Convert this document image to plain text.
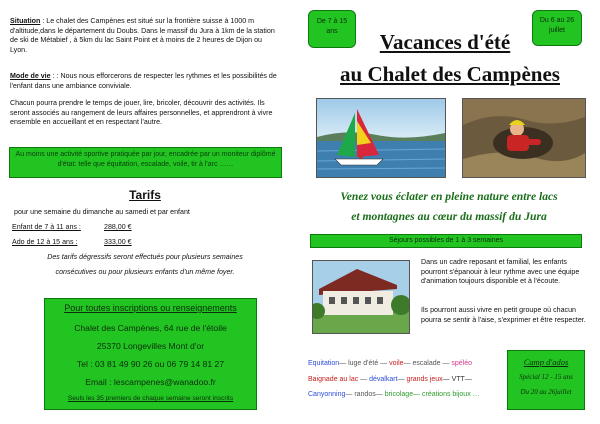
Situation : Le chalet des Campènes est situé sur la frontière suisse à 1000 m d'altitude,dans le département du Doubs. Dans le massif du Jura à 1km de la station de ski de Métabief , à 5km du lac Saint Point et à moins de 2 heures de Dijon ou Lyon.
Mode de vie : : Nous nous efforcerons de respecter les rythmes et les possibilités de l'enfant dans une ambiance conviviale.
Chacun pourra prendre le temps de jouer, lire, bricoler, découvrir des activités. Ils seront associés au rangement de leurs affaires personnelles, et apprendront à vivre ensemble en accueillant et en respectant l'autre.
Au moins une activité sportive pratiquée par jour, encadrée par un moniteur diplômé d'état: telle que équitation, escalade, voile, tir à l'arc ……
Tarifs
pour une semaine du dimanche au samedi et par enfant
Enfant de 7 à 11 ans :	288,00 €
Ado de 12 à 15 ans :	333,00 €
Des tarifs dégressifs seront effectués pour plusieurs semaines
consécutives ou pour plusieurs enfants d'un même foyer.
Pour toutes inscriptions ou renseignements
Chalet des Campènes, 64 rue de l'étoile
25370 Longevilles Mont d'or
Tel : 03 81 49 90 26 ou 06 79 14 81 27
Email : lescampenes@wanadoo.fr
Seuls les 35 premiers de chaque semaine seront inscrits
De 7 à 15 ans
Du 6 au 26 juillet
Vacances d'été
au Chalet des Campènes
Venez vous éclater en pleine nature entre lacs
et montagnes au cœur du massif du Jura
Séjours possibles de 1 à 3 semaines
Dans un cadre reposant et familial, les enfants pourront s'épanouir à leur rythme avec une équipe d'animation toujours disponible et à l'écoute.
Ils pourront aussi vivre en petit groupe où chacun pourra se sentir à l'aise, s'exprimer et être respecter.
Equitation— luge d'été — voile— escalade — spéléo
Baignade au lac — dévalkart— grands jeux— VTT—
Canyonning— randos— bricolage— créations bijoux …
Camp d'ados
Spécial 12 - 15 ans
Du 20 au 26juillet
